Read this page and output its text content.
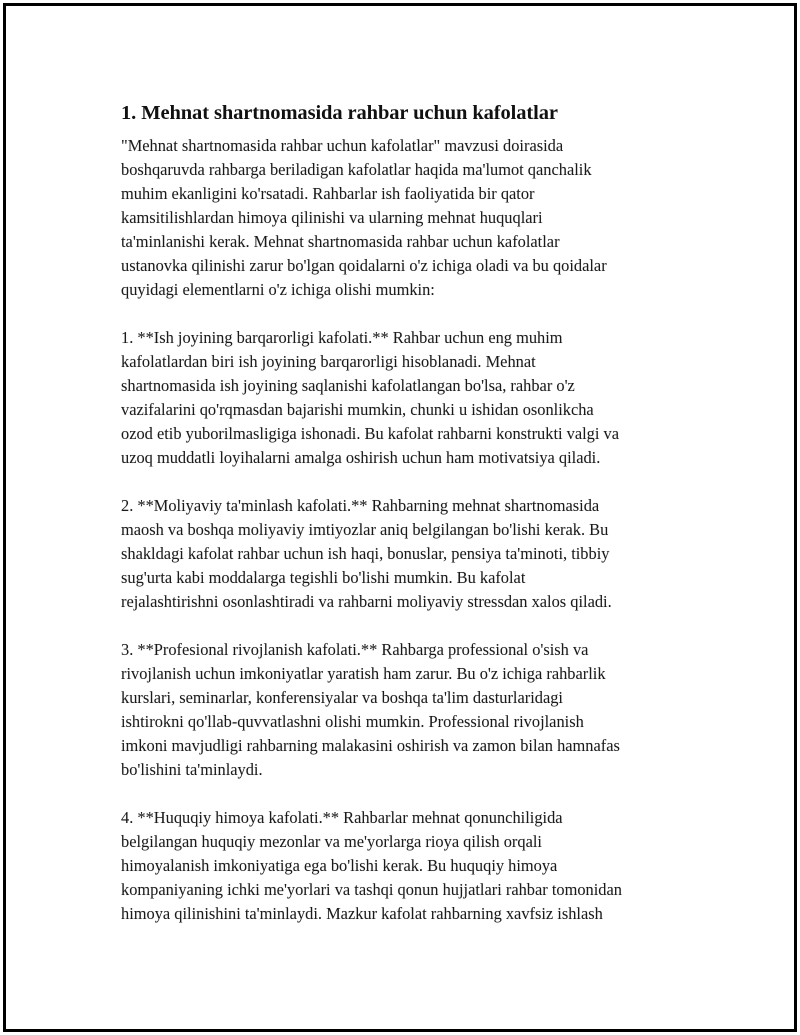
1. Mehnat shartnomasida rahbar uchun kafolatlar
"Mehnat shartnomasida rahbar uchun kafolatlar" mavzusi doirasida
boshqaruvda rahbarga beriladigan kafolatlar haqida ma'lumot qanchalik
muhim ekanligini ko'rsatadi. Rahbarlar ish faoliyatida bir qator
kamsitilishlardan himoya qilinishi va ularning mehnat huquqlari
ta'minlanishi kerak. Mehnat shartnomasida rahbar uchun kafolatlar
ustanovka qilinishi zarur bo'lgan qoidalarni o'z ichiga oladi va bu qoidalar
quyidagi elementlarni o'z ichiga olishi mumkin:
1. **Ish joyining barqarorligi kafolati.** Rahbar uchun eng muhim
kafolatlardan biri ish joyining barqarorligi hisoblanadi. Mehnat
shartnomasida ish joyining saqlanishi kafolatlangan bo'lsa, rahbar o'z
vazifalarini qo'rqmasdan bajarishi mumkin, chunki u ishidan osonlikcha
ozod etib yuborilmasligiga ishonadi. Bu kafolat rahbarni konstrukti valgi va
uzoq muddatli loyihalarni amalga oshirish uchun ham motivatsiya qiladi.
2. **Moliyaviy ta'minlash kafolati.** Rahbarning mehnat shartnomasida
maosh va boshqa moliyaviy imtiyozlar aniq belgilangan bo'lishi kerak. Bu
shakldagi kafolat rahbar uchun ish haqi, bonuslar, pensiya ta'minoti, tibbiy
sug'urta kabi moddalarga tegishli bo'lishi mumkin. Bu kafolat
rejalashtirishni osonlashtiradi va rahbarni moliyaviy stressdan xalos qiladi.
3. **Profesional rivojlanish kafolati.** Rahbarga professional o'sish va
rivojlanish uchun imkoniyatlar yaratish ham zarur. Bu o'z ichiga rahbarlik
kurslari, seminarlar, konferensiyalar va boshqa ta'lim dasturlaridagi
ishtirokni qo'llab-quvvatlashni olishi mumkin. Professional rivojlanish
imkoni mavjudligi rahbarning malakasini oshirish va zamon bilan hamnafas
bo'lishini ta'minlaydi.
4. **Huquqiy himoya kafolati.** Rahbarlar mehnat qonunchiligida
belgilangan huquqiy mezonlar va me'yorlarga rioya qilish orqali
himoyalanish imkoniyatiga ega bo'lishi kerak. Bu huquqiy himoya
kompaniyaning ichki me'yorlari va tashqi qonun hujjatlari rahbar tomonidan
himoya qilinishini ta'minlaydi. Mazkur kafolat rahbarning xavfsiz ishlash
